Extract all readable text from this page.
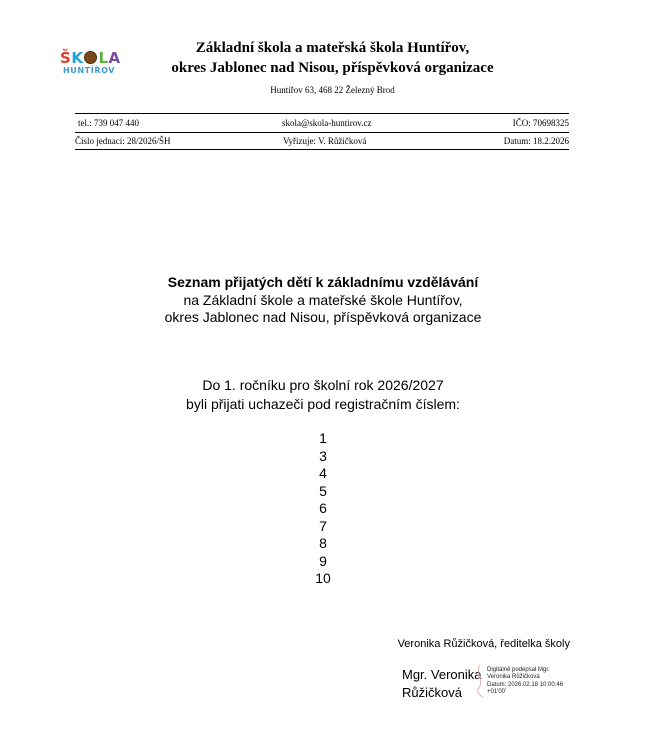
ŠK LA
HUNTÍŘOV
Základní škola a mateřská škola Huntířov,
okres Jablonec nad Nisou, příspěvková organizace
Huntířov 63, 468 22 Železný Brod
tel.: 739 047 440	skola@skola-huntirov.cz	IČO: 70698325
Číslo jednací: 28/2026/ŠH	Vyřizuje: V. Růžičková	Datum: 18.2.2026
Seznam přijatých dětí k základnímu vzdělávání
na Základní škole a mateřské škole Huntířov,
okres Jablonec nad Nisou, příspěvková organizace
Do 1. ročníku pro školní rok 2026/2027
byli přijati uchazeči pod registračním číslem:
1
3
4
5
6
7
8
9
10
Veronika Růžičková, ředitelka školy
Mgr. Veronika
Růžičková
Digitálně podepsal Mgr.
Veronika Růžičková
Datum: 2026.02.18 10:00:46
+01'00'
